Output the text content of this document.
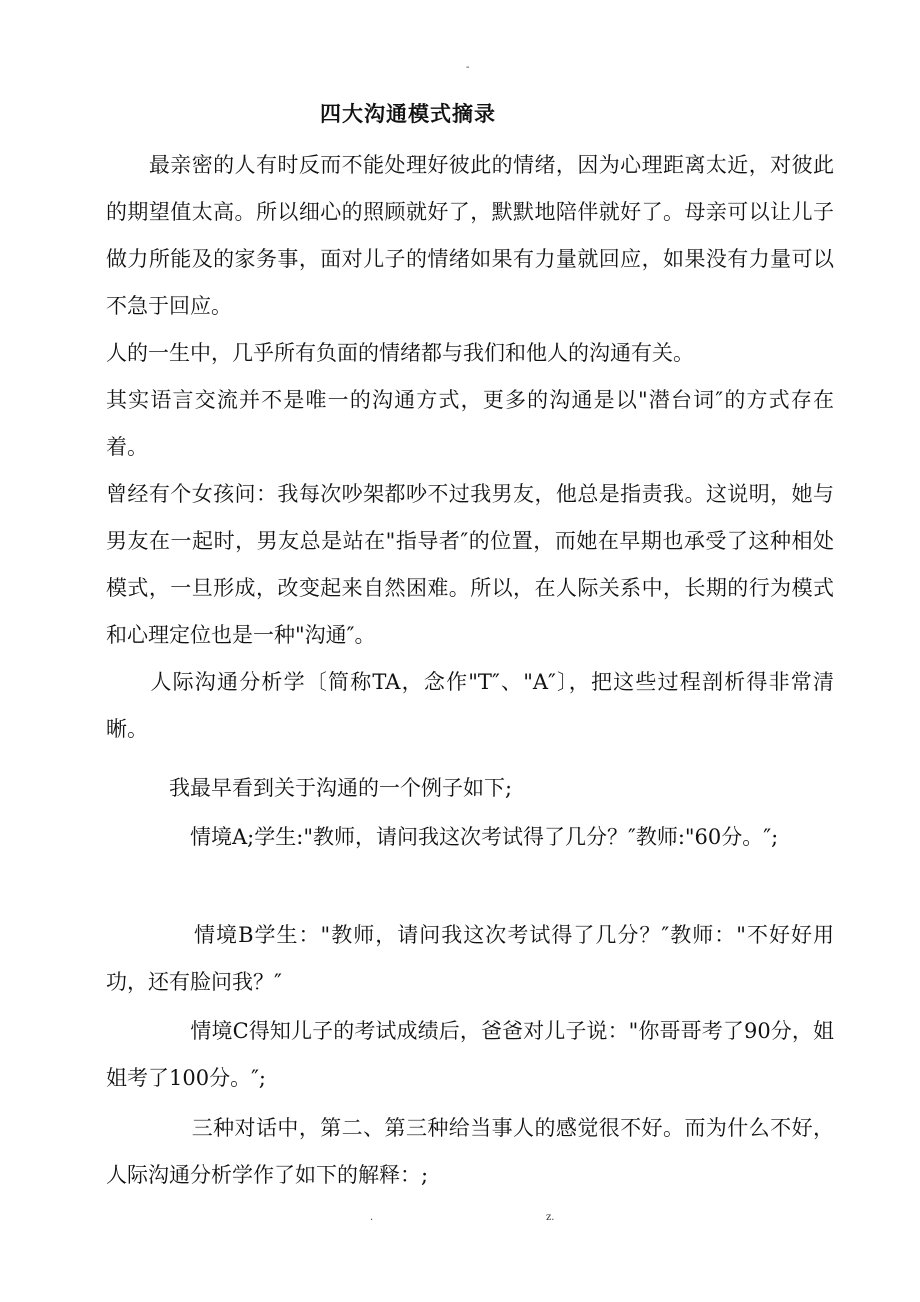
-
四大沟通模式摘录

　　最亲密的人有时反而不能处理好彼此的情绪，因为心理距离太近，对彼此的期望值太高。所以细心的照顾就好了，默默地陪伴就好了。母亲可以让儿子做力所能及的家务事，面对儿子的情绪如果有力量就回应，如果没有力量可以不急于回应。

人的一生中，几乎所有负面的情绪都与我们和他人的沟通有关。

其实语言交流并不是唯一的沟通方式，更多的沟通是以"潜台词″的方式存在着。

曾经有个女孩问：我每次吵架都吵不过我男友，他总是指责我。这说明，她与男友在一起时，男友总是站在"指导者″的位置，而她在早期也承受了这种相处模式，一旦形成，改变起来自然困难。所以，在人际关系中，长期的行为模式和心理定位也是一种"沟通″。

　　人际沟通分析学〔简称TA，念作"T″、"A″〕，把这些过程剖析得非常清晰。

　　　我最早看到关于沟通的一个例子如下;

　　　　情境A;学生:"教师，请问我这次考试得了几分？″教师:"60分。″;

　　　　情境B学生："教师，请问我这次考试得了几分？″教师："不好好用功，还有脸问我？″

　　　　情境C得知儿子的考试成绩后，爸爸对儿子说："你哥哥考了90分，姐姐考了100分。″;

　　　　三种对话中，第二、第三种给当事人的感觉很不好。而为什么不好，人际沟通分析学作了如下的解释：;

.	z.
